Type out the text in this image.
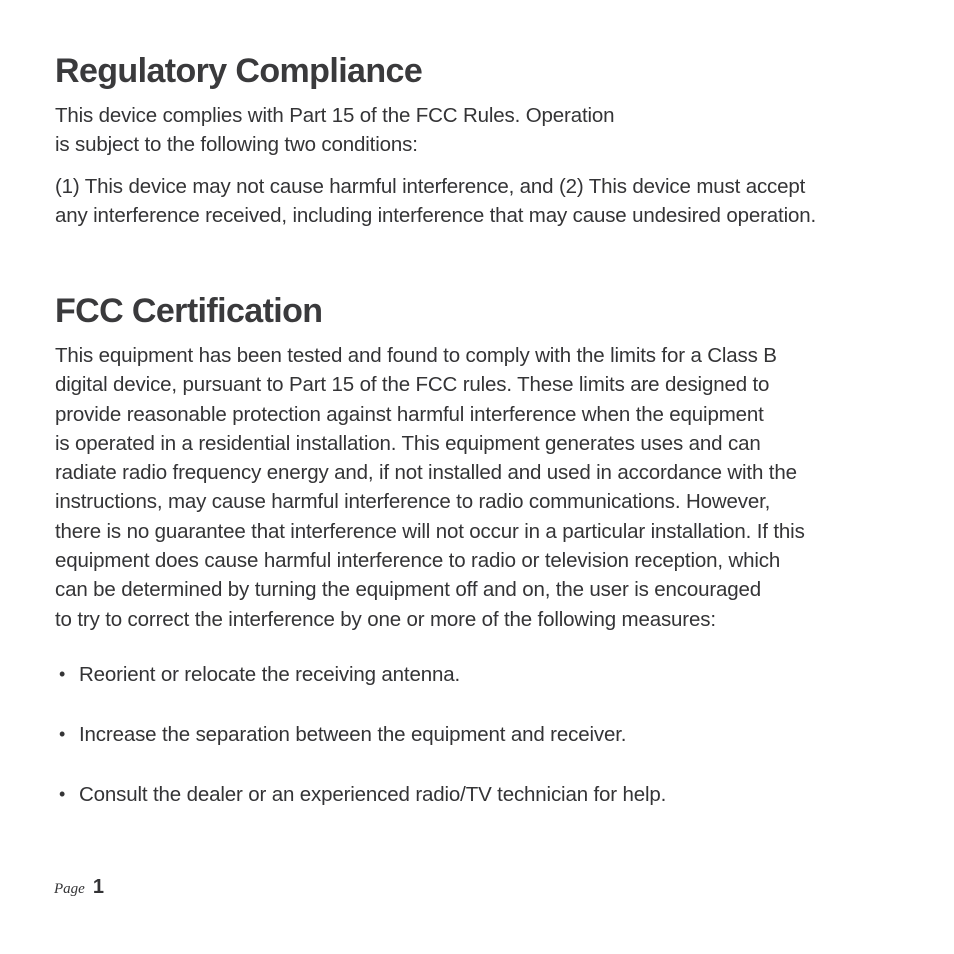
Regulatory Compliance

This device complies with Part 15 of the FCC Rules. Operation
is subject to the following two conditions:

(1) This device may not cause harmful interference, and (2) This device must accept
any interference received, including interference that may cause undesired operation.

FCC Certification

This equipment has been tested and found to comply with the limits for a Class B
digital device, pursuant to Part 15 of the FCC rules. These limits are designed to
provide reasonable protection against harmful interference when the equipment
is operated in a residential installation. This equipment generates uses and can
radiate radio frequency energy and, if not installed and used in accordance with the
instructions, may cause harmful interference to radio communications. However,
there is no guarantee that interference will not occur in a particular installation. If this
equipment does cause harmful interference to radio or television reception, which
can be determined by turning the equipment off and on, the user is encouraged
to try to correct the interference by one or more of the following measures:

• Reorient or relocate the receiving antenna.
• Increase the separation between the equipment and receiver.
• Consult the dealer or an experienced radio/TV technician for help.
Page 1
